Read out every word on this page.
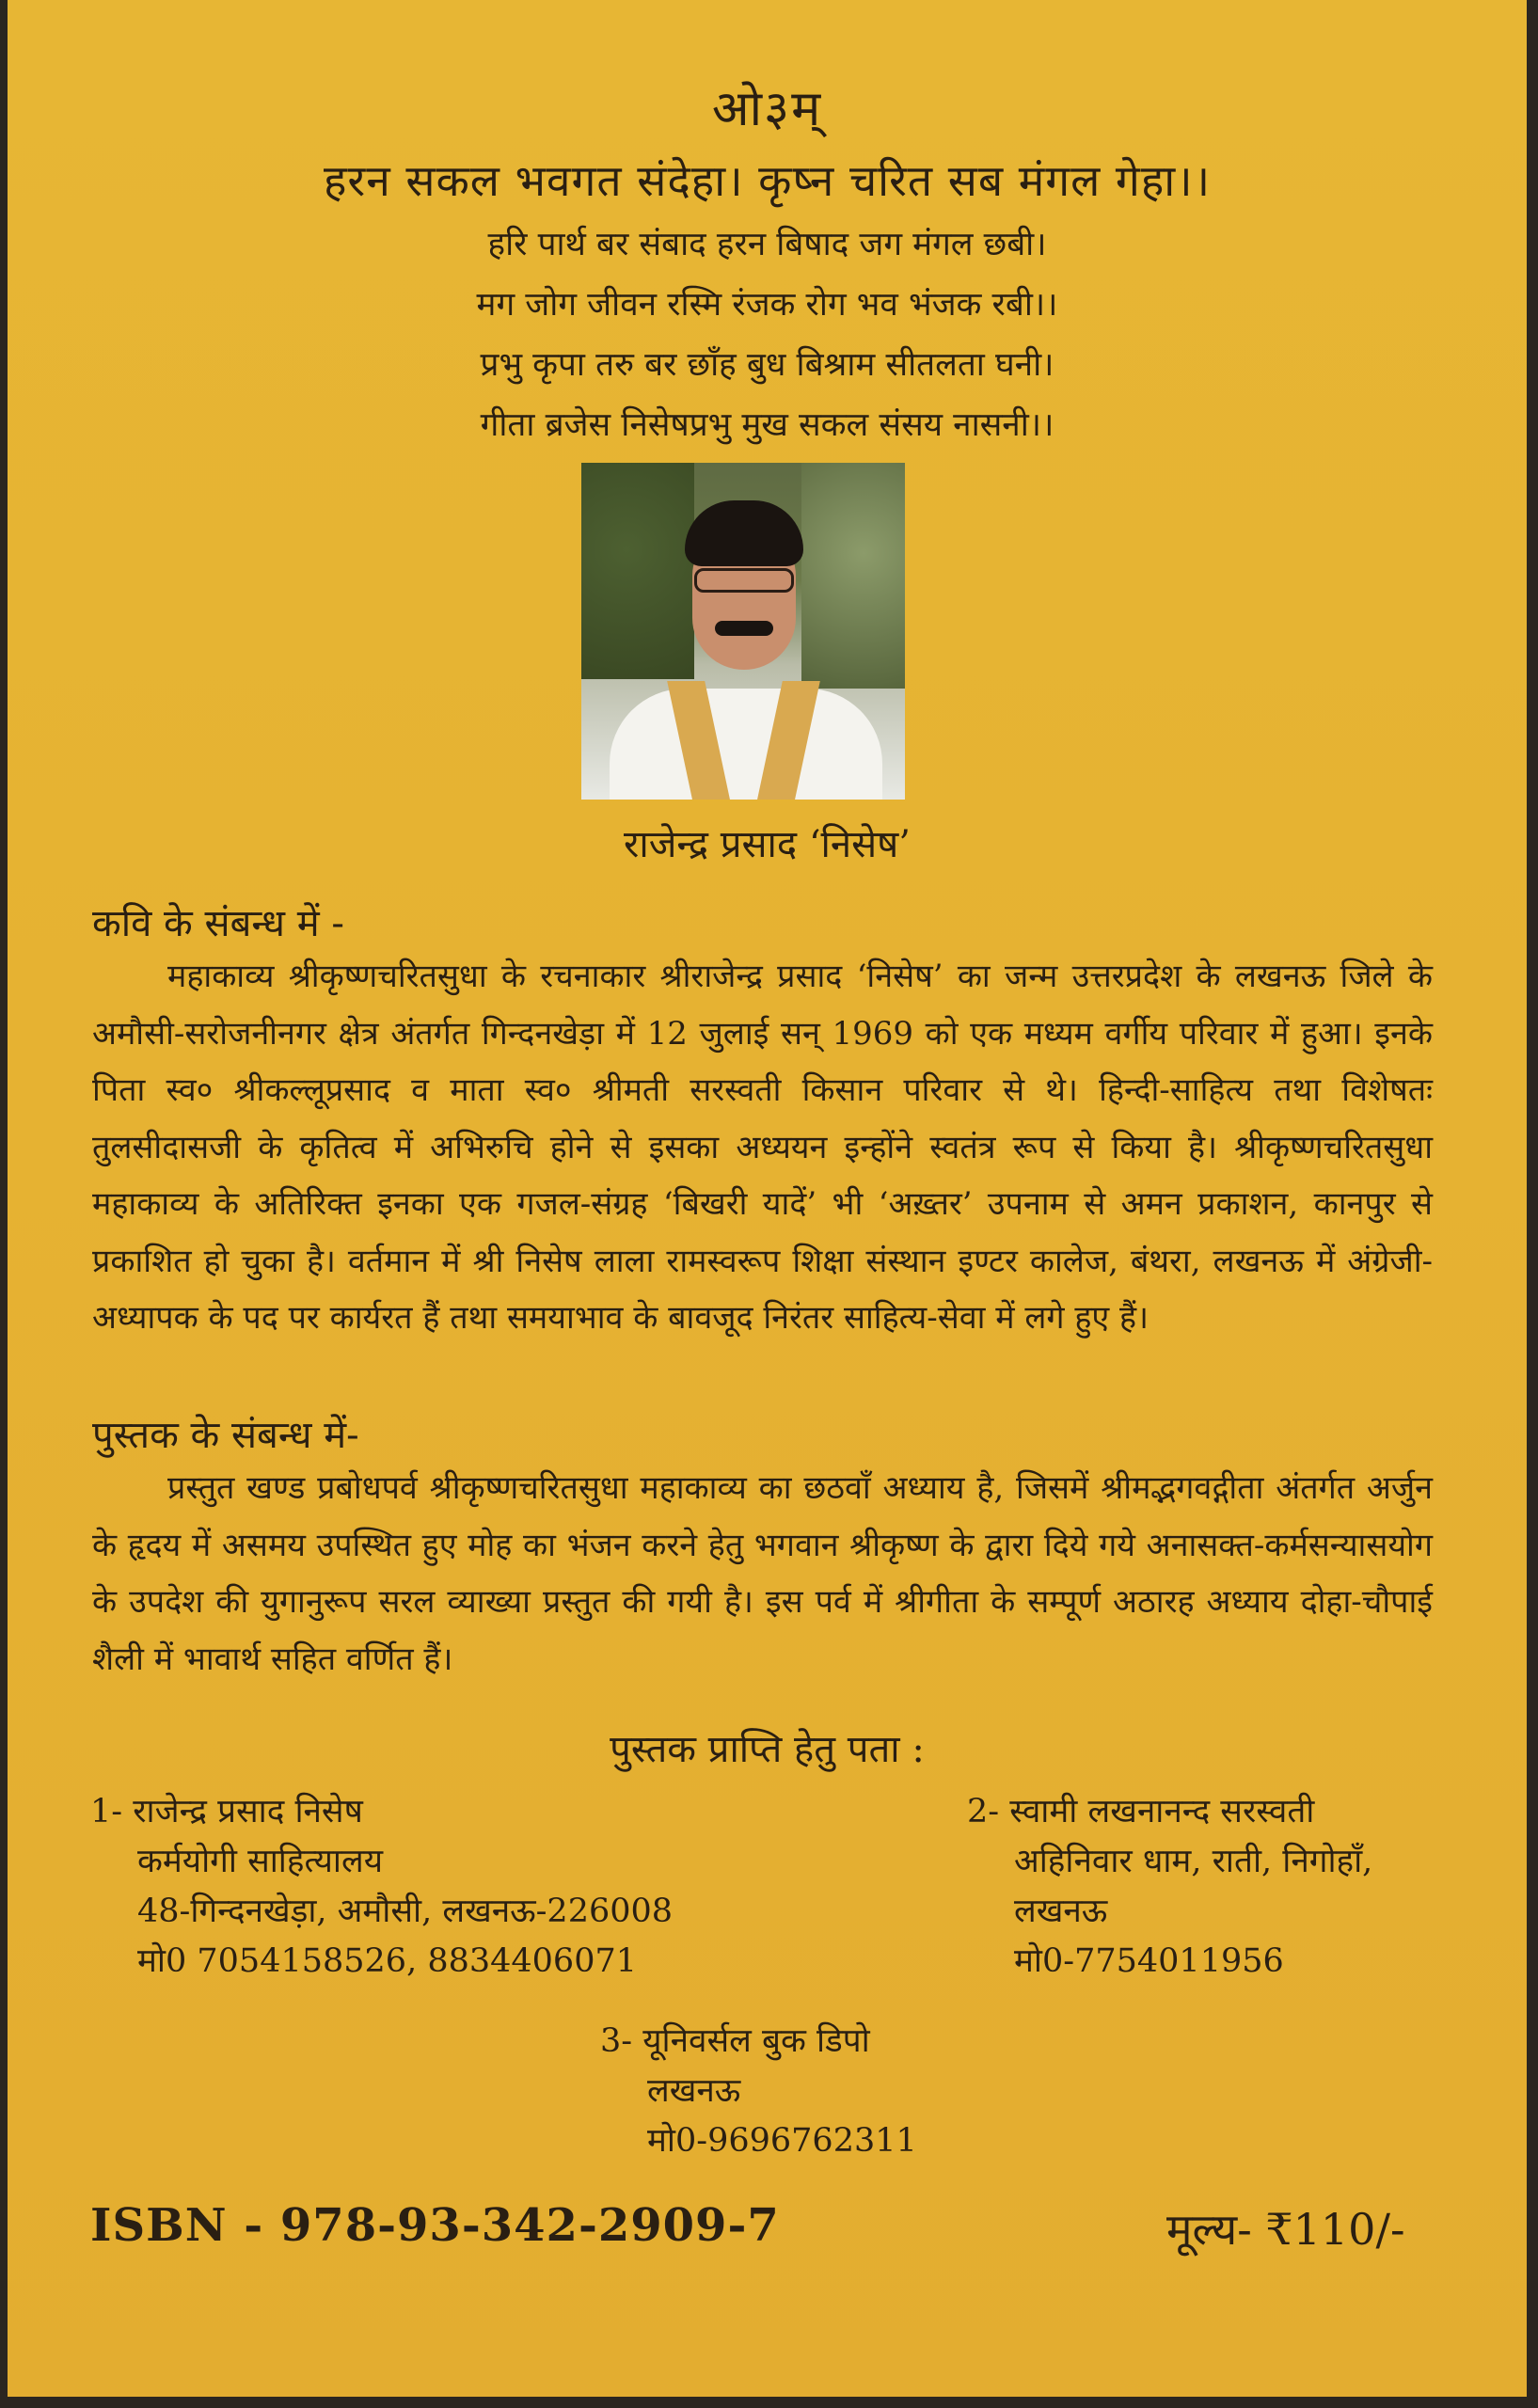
ओ३म्
हरन सकल भवगत संदेहा। कृष्न चरित सब मंगल गेहा।।
हरि पार्थ बर संबाद हरन बिषाद जग मंगल छबी।
मग जोग जीवन रस्मि रंजक रोग भव भंजक रबी।।
प्रभु कृपा तरु बर छाँह बुध बिश्राम सीतलता घनी।
गीता ब्रजेस निसेषप्रभु मुख सकल संसय नासनी।।
राजेन्द्र प्रसाद ‘निसेष’
कवि के संबन्ध में -
महाकाव्य श्रीकृष्णचरितसुधा के रचनाकार श्रीराजेन्द्र प्रसाद ‘निसेष’ का जन्म उत्तरप्रदेश के लखनऊ जिले के अमौसी-सरोजनीनगर क्षेत्र अंतर्गत गिन्दनखेड़ा में 12 जुलाई सन् 1969 को एक मध्यम वर्गीय परिवार में हुआ। इनके पिता स्व० श्रीकल्लूप्रसाद व माता स्व० श्रीमती सरस्वती किसान परिवार से थे। हिन्दी-साहित्य तथा विशेषतः तुलसीदासजी के कृतित्व में अभिरुचि होने से इसका अध्ययन इन्होंने स्वतंत्र रूप से किया है। श्रीकृष्णचरितसुधा महाकाव्य के अतिरिक्त इनका एक गजल-संग्रह ‘बिखरी यादें’ भी ‘अख़्तर’ उपनाम से अमन प्रकाशन, कानपुर से प्रकाशित हो चुका है। वर्तमान में श्री निसेष लाला रामस्वरूप शिक्षा संस्थान इण्टर कालेज, बंथरा, लखनऊ में अंग्रेजी-अध्यापक के पद पर कार्यरत हैं तथा समयाभाव के बावजूद निरंतर साहित्य-सेवा में लगे हुए हैं।
पुस्तक के संबन्ध में-
प्रस्तुत खण्ड प्रबोधपर्व श्रीकृष्णचरितसुधा महाकाव्य का छठवाँ अध्याय है, जिसमें श्रीमद्भगवद्गीता अंतर्गत अर्जुन के हृदय में असमय उपस्थित हुए मोह का भंजन करने हेतु भगवान श्रीकृष्ण के द्वारा दिये गये अनासक्त-कर्मसन्यासयोग के उपदेश की युगानुरूप सरल व्याख्या प्रस्तुत की गयी है। इस पर्व में श्रीगीता के सम्पूर्ण अठारह अध्याय दोहा-चौपाई शैली में भावार्थ सहित वर्णित हैं।
पुस्तक प्राप्ति हेतु पता :
1- राजेन्द्र प्रसाद निसेष
कर्मयोगी साहित्यालय
48-गिन्दनखेड़ा, अमौसी, लखनऊ-226008
मो0 7054158526, 8834406071
2- स्वामी लखनानन्द सरस्वती
अहिनिवार धाम, राती, निगोहाँ,
लखनऊ
मो0-7754011956
3- यूनिवर्सल बुक डिपो
लखनऊ
मो0-9696762311
ISBN - 978-93-342-2909-7	मूल्य- ₹110/-
